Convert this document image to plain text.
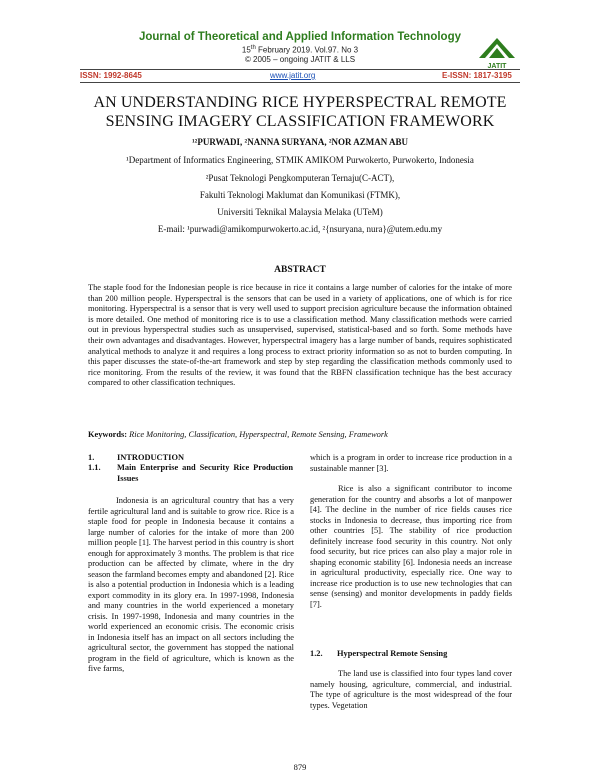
Journal of Theoretical and Applied Information Technology
15th February 2019. Vol.97. No 3
© 2005 – ongoing JATIT & LLS
JATIT
ISSN: 1992-8645	www.jatit.org	E-ISSN: 1817-3195
AN UNDERSTANDING RICE HYPERSPECTRAL REMOTE SENSING IMAGERY CLASSIFICATION FRAMEWORK
¹²PURWADI, ²NANNA SURYANA, ²NOR AZMAN ABU
¹Department of Informatics Engineering, STMIK AMIKOM Purwokerto, Purwokerto, Indonesia
²Pusat Teknologi Pengkomputeran Ternaju(C-ACT),
Fakulti Teknologi Maklumat dan Komunikasi (FTMK),
Universiti Teknikal Malaysia Melaka (UTeM)
E-mail: ¹purwadi@amikompurwokerto.ac.id, ²{nsuryana, nura}@utem.edu.my
ABSTRACT

The staple food for the Indonesian people is rice because in rice it contains a large number of calories for the intake of more than 200 million people. Hyperspectral is the sensors that can be used in a variety of applications, one of which is for rice monitoring. Hyperspectral is a sensor that is very well used to support precision agriculture because the information obtained is more detailed. One method of monitoring rice is to use a classification method. Many classification methods were carried out in previous hyperspectral studies such as unsupervised, supervised, statistical-based and so forth. Some methods have their own advantages and disadvantages. However, hyperspectral imagery has a large number of bands, requires sophisticated analytical methods to analyze it and requires a long process to extract priority information so as not to burden computing. In this paper discusses the state-of-the-art framework and step by step regarding the classification methods commonly used to rice monitoring. From the results of the review, it was found that the RBFN classification technique has the best accuracy compared to other classification techniques.

Keywords: Rice Monitoring, Classification, Hyperspectral, Remote Sensing, Framework
1.	INTRODUCTION
1.1. Main Enterprise and Security Rice Production Issues

Indonesia is an agricultural country that has a very fertile agricultural land and is suitable to grow rice. Rice is a staple food for people in Indonesia because it contains a large number of calories for the intake of more than 200 million people [1]. The harvest period in this country is short enough for approximately 3 months. The problem is that rice production can be affected by climate, where in the dry season the farmland becomes empty and abandoned [2]. Rice is also a potential production in Indonesia which is a leading export commodity in its glory era. In 1997-1998, Indonesia and many countries in the world experienced a monetary crisis. In 1997-1998, Indonesia and many countries in the world experienced an economic crisis. The economic crisis in Indonesia itself has an impact on all sectors including the agricultural sector, the government has stopped the national program in the field of agriculture, which is known as the five farms,

which is a program in order to increase rice production in a sustainable manner [3].

Rice is also a significant contributor to income generation for the country and absorbs a lot of manpower [4]. The decline in the number of rice fields causes rice stocks in Indonesia to decrease, thus importing rice from other countries [5]. The stability of rice production definitely increase food security in this country. Not only food security, but rice prices can also play a major role in shaping economic stability [6]. Indonesia needs an increase in agricultural productivity, especially rice. One way to increase rice production is to use new technologies that can sense (sensing) and monitor developments in paddy fields [7].

1.2. Hyperspectral Remote Sensing

The land use is classified into four types land cover namely housing, agriculture, commercial, and industrial. The type of agriculture is the most widespread of the four types. Vegetation

879
